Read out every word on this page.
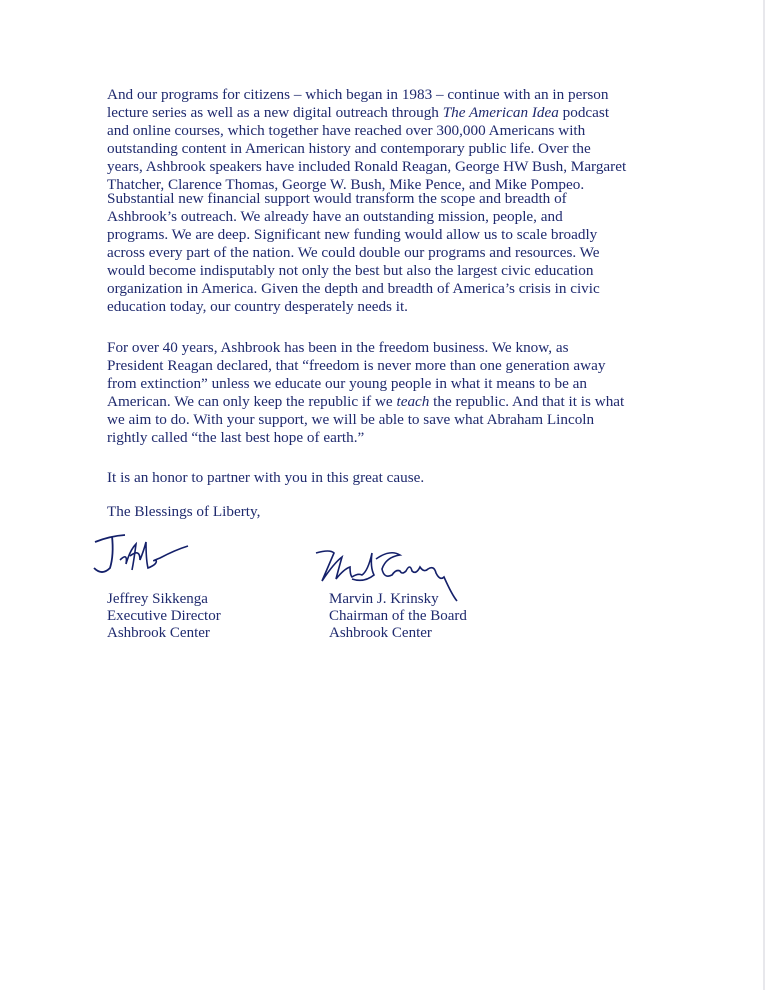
And our programs for citizens – which began in 1983 – continue with an in person
lecture series as well as a new digital outreach through The American Idea podcast
and online courses, which together have reached over 300,000 Americans with
outstanding content in American history and contemporary public life. Over the
years, Ashbrook speakers have included Ronald Reagan, George HW Bush, Margaret
Thatcher, Clarence Thomas, George W. Bush, Mike Pence, and Mike Pompeo.
Substantial new financial support would transform the scope and breadth of
Ashbrook’s outreach. We already have an outstanding mission, people, and
programs. We are deep. Significant new funding would allow us to scale broadly
across every part of the nation. We could double our programs and resources. We
would become indisputably not only the best but also the largest civic education
organization in America. Given the depth and breadth of America’s crisis in civic
education today, our country desperately needs it.
For over 40 years, Ashbrook has been in the freedom business. We know, as
President Reagan declared, that “freedom is never more than one generation away
from extinction” unless we educate our young people in what it means to be an
American. We can only keep the republic if we teach the republic. And that it is what
we aim to do. With your support, we will be able to save what Abraham Lincoln
rightly called “the last best hope of earth.”
It is an honor to partner with you in this great cause.
The Blessings of Liberty,
Jeffrey Sikkenga
Executive Director
Ashbrook Center
Marvin J. Krinsky
Chairman of the Board
Ashbrook Center
